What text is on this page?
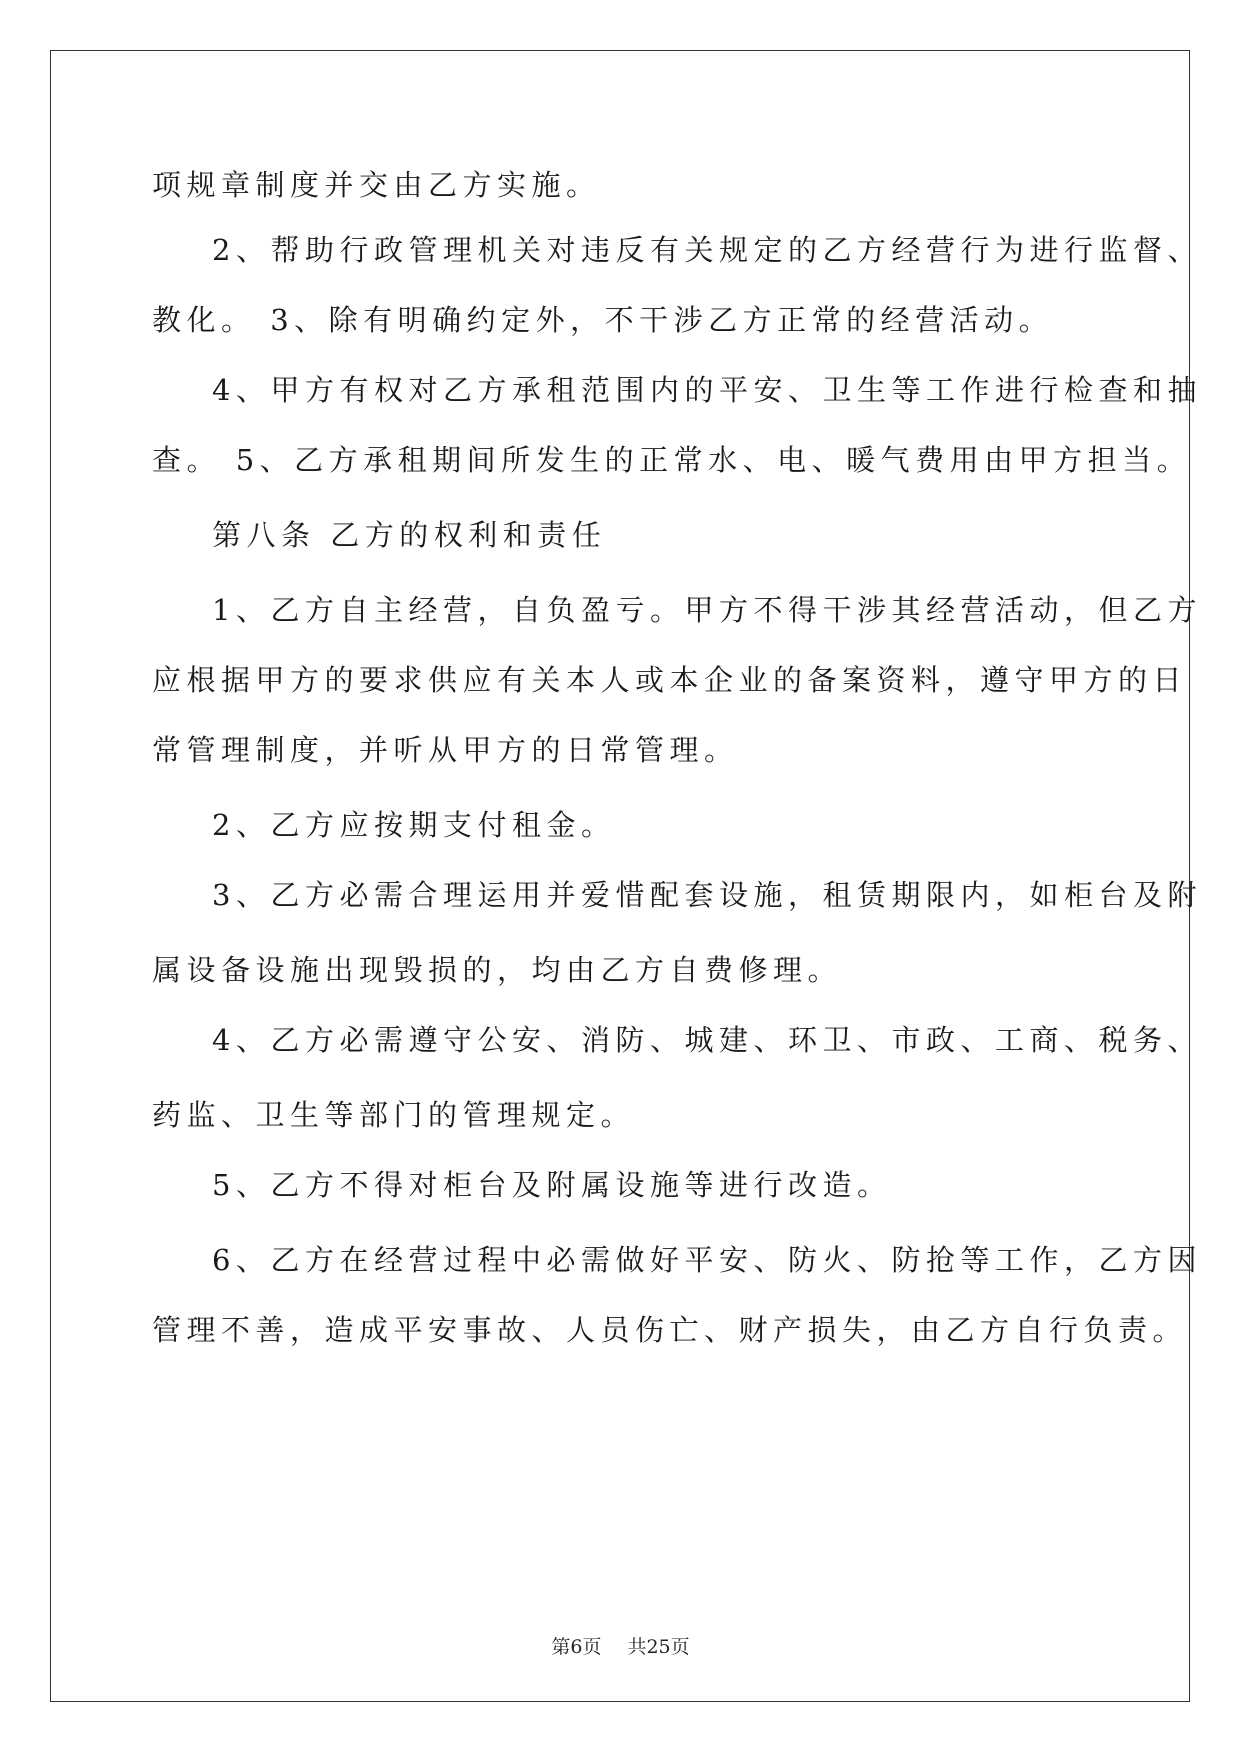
项规章制度并交由乙方实施。
2、帮助行政管理机关对违反有关规定的乙方经营行为进行监督、
教化。 3、除有明确约定外，不干涉乙方正常的经营活动。
4、甲方有权对乙方承租范围内的平安、卫生等工作进行检查和抽
查。 5、乙方承租期间所发生的正常水、电、暖气费用由甲方担当。
第八条 乙方的权利和责任
1、乙方自主经营，自负盈亏。甲方不得干涉其经营活动，但乙方
应根据甲方的要求供应有关本人或本企业的备案资料，遵守甲方的日
常管理制度，并听从甲方的日常管理。
2、乙方应按期支付租金。
3、乙方必需合理运用并爱惜配套设施，租赁期限内，如柜台及附
属设备设施出现毁损的，均由乙方自费修理。
4、乙方必需遵守公安、消防、城建、环卫、市政、工商、税务、
药监、卫生等部门的管理规定。
5、乙方不得对柜台及附属设施等进行改造。
6、乙方在经营过程中必需做好平安、防火、防抢等工作，乙方因
管理不善，造成平安事故、人员伤亡、财产损失，由乙方自行负责。
第6页 共25页
